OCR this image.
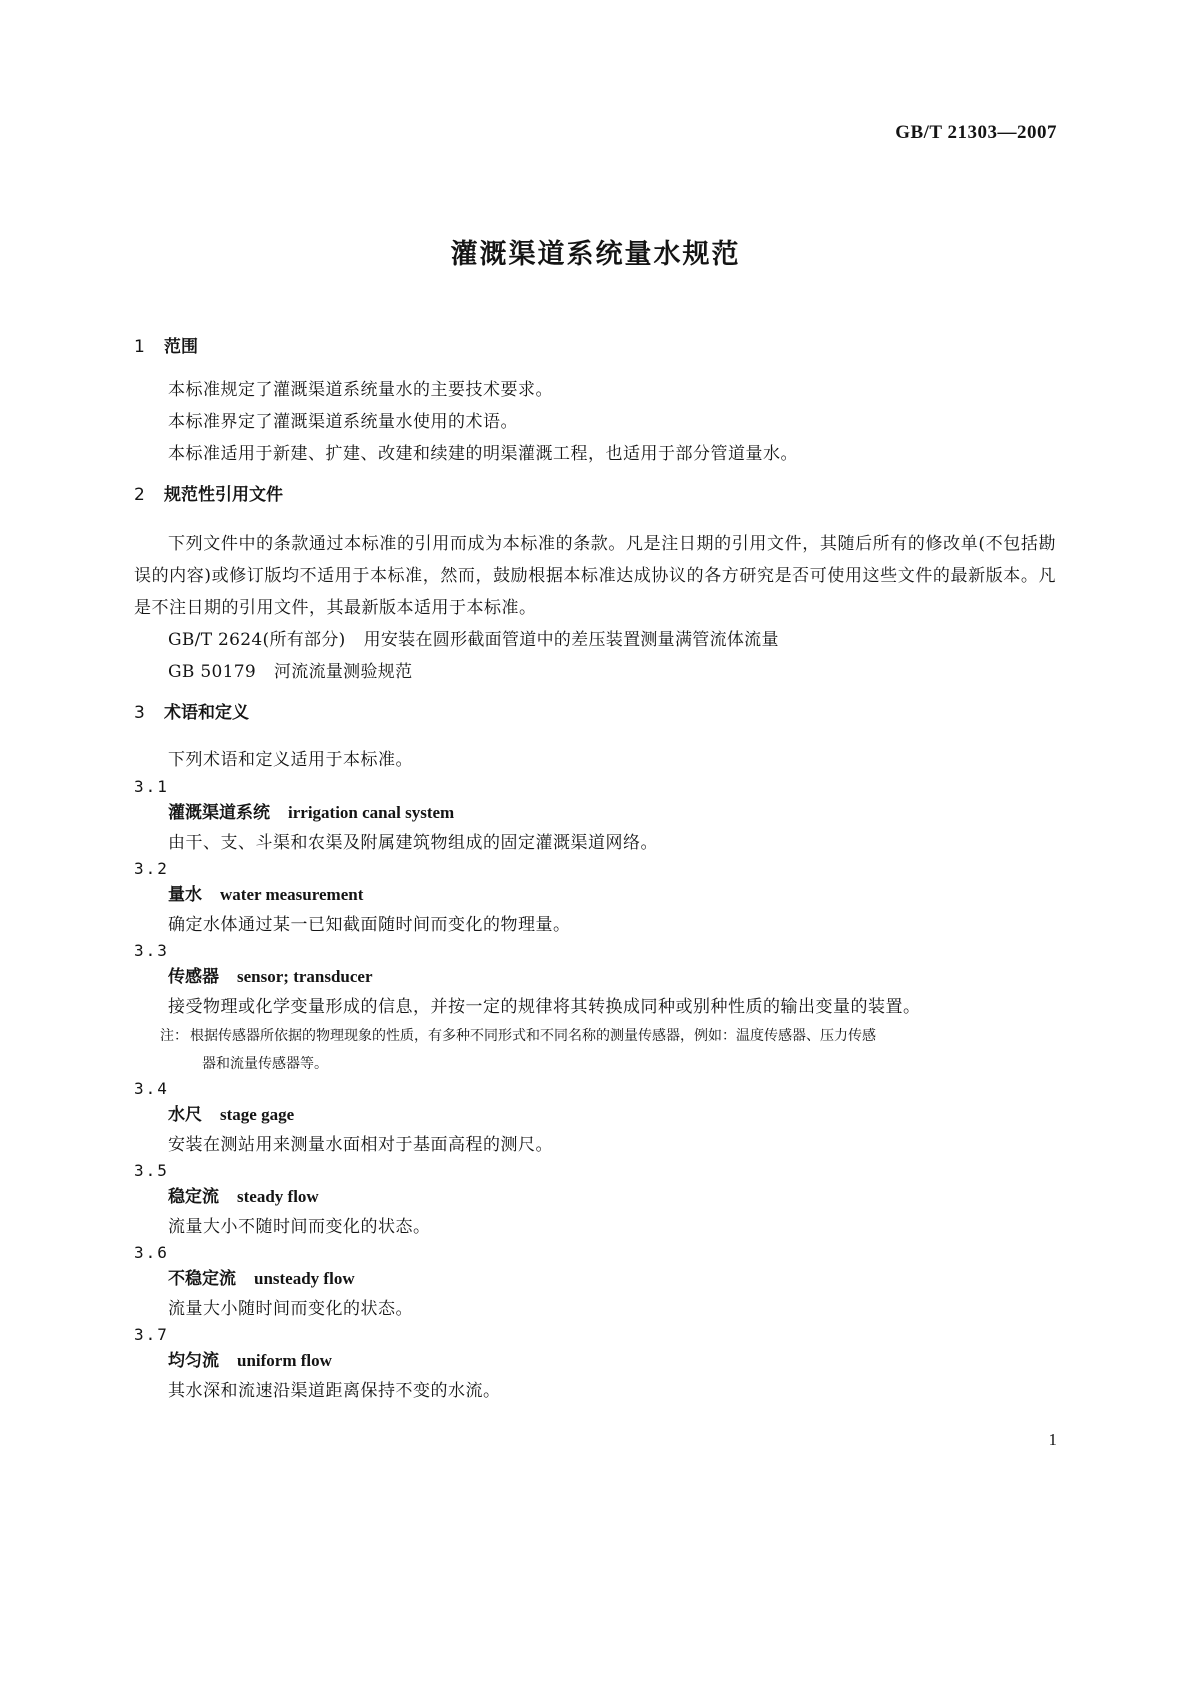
GB/T 21303—2007
灌溉渠道系统量水规范

1 范围

本标准规定了灌溉渠道系统量水的主要技术要求。

本标准界定了灌溉渠道系统量水使用的术语。

本标准适用于新建、扩建、改建和续建的明渠灌溉工程，也适用于部分管道量水。

2 规范性引用文件

下列文件中的条款通过本标准的引用而成为本标准的条款。凡是注日期的引用文件，其随后所有的修改单(不包括勘误的内容)或修订版均不适用于本标准，然而，鼓励根据本标准达成协议的各方研究是否可使用这些文件的最新版本。凡是不注日期的引用文件，其最新版本适用于本标准。

GB/T 2624(所有部分) 用安装在圆形截面管道中的差压装置测量满管流体流量

GB 50179 河流流量测验规范

3 术语和定义

下列术语和定义适用于本标准。

3.1

灌溉渠道系统 irrigation canal system

由干、支、斗渠和农渠及附属建筑物组成的固定灌溉渠道网络。

3.2

量水 water measurement

确定水体通过某一已知截面随时间而变化的物理量。

3.3

传感器 sensor; transducer

接受物理或化学变量形成的信息，并按一定的规律将其转换成同种或别种性质的输出变量的装置。

注： 根据传感器所依据的物理现象的性质，有多种不同形式和不同名称的测量传感器，例如：温度传感器、压力传感

器和流量传感器等。

3.4

水尺 stage gage

安装在测站用来测量水面相对于基面高程的测尺。

3.5

稳定流 steady flow

流量大小不随时间而变化的状态。

3.6

不稳定流 unsteady flow

流量大小随时间而变化的状态。

3.7

均匀流 uniform flow

其水深和流速沿渠道距离保持不变的水流。

1
